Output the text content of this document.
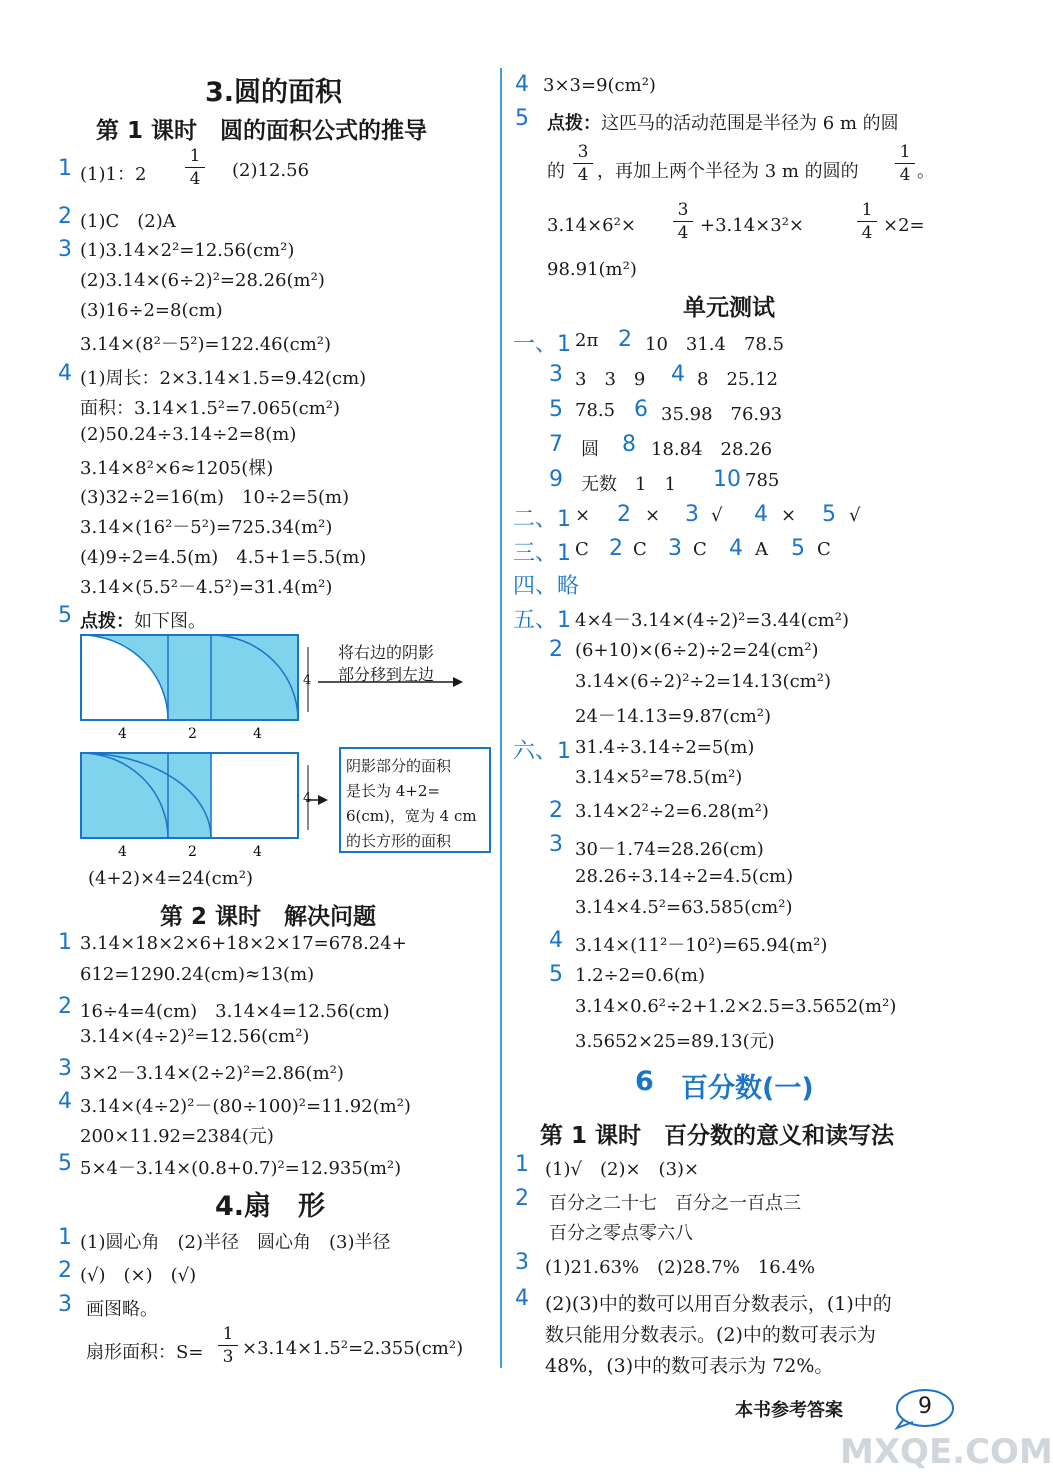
3.圆的面积
第 1 课时　圆的面积公式的推导
1 (1)1：2
1
4 (2)12.56
2 (1)C　(2)A
3 (1)3.14×2²=12.56(cm²)
(2)3.14×(6÷2)²=28.26(m²)
(3)16÷2=8(cm)
3.14×(8²－5²)=122.46(cm²)
4 (1)周长：2×3.14×1.5=9.42(cm)
面积：3.14×1.5²=7.065(cm²)
(2)50.24÷3.14÷2=8(m)
3.14×8²×6≈1205(棵)
(3)32÷2=16(m)　10÷2=5(m)
3.14×(16²－5²)=725.34(m²)
(4)9÷2=4.5(m)　4.5+1=5.5(m)
3.14×(5.5²－4.5²)=31.4(m²)
5 点拨：如下图。
4
4	2	4
将右边的阴影
部分移到左边
4
4	2	4
阴影部分的面积
是长为 4+2=
6(cm)，宽为 4 cm
的长方形的面积
(4+2)×4=24(cm²)
第 2 课时　解决问题
1 3.14×18×2×6+18×2×17=678.24+
612=1290.24(cm)≈13(m)
2 16÷4=4(cm)　3.14×4=12.56(cm)
3.14×(4÷2)²=12.56(cm²)
3 3×2－3.14×(2÷2)²=2.86(m²)
4 3.14×(4÷2)²－(80÷100)²=11.92(m²)
200×11.92=2384(元)
5 5×4－3.14×(0.8+0.7)²=12.935(m²)
4.扇　形
1 (1)圆心角　(2)半径　圆心角　(3)半径
2 (√)　(×)　(√)
3 画图略。
扇形面积：S=
1
3 ×3.14×1.5²=2.355(cm²)
4 3×3=9(cm²)
5 点拨：这匹马的活动范围是半径为 6 m 的圆
的
3
4 ，再加上两个半径为 3 m 的圆的
1
4 。
3.14×6²×
3
4 +3.14×3²×
1
4 ×2=
98.91(m²)
单元测试
一、1 2π 2 10　31.4　78.5
3 3　3　9 4 8　25.12
5 78.5 6 35.98　76.93
7 圆 8 18.84　28.26
9 无数　1　1 10 785
二、1 × 2 × 3 √ 4 × 5 √
三、1 C 2 C 3 C 4 A 5 C
四、略
五、1 4×4－3.14×(4÷2)²=3.44(cm²)
2 (6+10)×(6÷2)÷2=24(cm²)
3.14×(6÷2)²÷2=14.13(cm²)
24－14.13=9.87(cm²)
六、1 31.4÷3.14÷2=5(m)
3.14×5²=78.5(m²)
2 3.14×2²÷2=6.28(m²)
3 30－1.74=28.26(cm)
28.26÷3.14÷2=4.5(cm)
3.14×4.5²=63.585(cm²)
4 3.14×(11²－10²)=65.94(m²)
5 1.2÷2=0.6(m)
3.14×0.6²÷2+1.2×2.5=3.5652(m²)
3.5652×25=89.13(元)
6 百分数(一)
第 1 课时　百分数的意义和读写法
1 (1)√　(2)×　(3)×
2 百分之二十七　百分之一百点三
百分之零点零六八
3 (1)21.63%　(2)28.7%　16.4%
4 (2)(3)中的数可以用百分数表示，(1)中的
数只能用分数表示。(2)中的数可表示为
48%，(3)中的数可表示为 72%。
本书参考答案	9
MXQE.COM
